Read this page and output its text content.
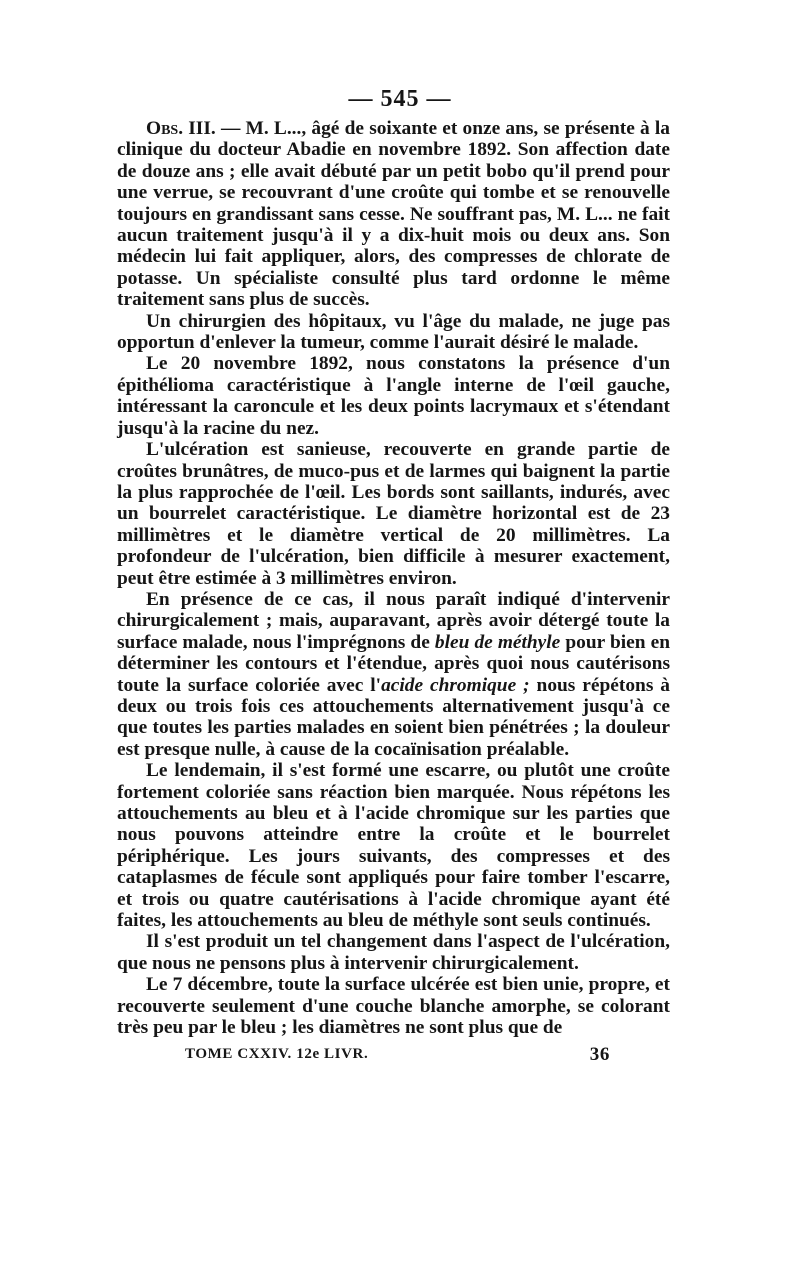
— 545 —

Obs. III. — M. L..., âgé de soixante et onze ans, se présente à la clinique du docteur Abadie en novembre 1892. Son affection date de douze ans ; elle avait débuté par un petit bobo qu'il prend pour une verrue, se recouvrant d'une croûte qui tombe et se renouvelle toujours en grandissant sans cesse. Ne souffrant pas, M. L... ne fait aucun traitement jusqu'à il y a dix-huit mois ou deux ans. Son médecin lui fait appliquer, alors, des compresses de chlorate de potasse. Un spécialiste consulté plus tard ordonne le même traitement sans plus de succès.

Un chirurgien des hôpitaux, vu l'âge du malade, ne juge pas opportun d'enlever la tumeur, comme l'aurait désiré le malade.

Le 20 novembre 1892, nous constatons la présence d'un épithélioma caractéristique à l'angle interne de l'œil gauche, intéressant la caroncule et les deux points lacrymaux et s'étendant jusqu'à la racine du nez.

L'ulcération est sanieuse, recouverte en grande partie de croûtes brunâtres, de muco-pus et de larmes qui baignent la partie la plus rapprochée de l'œil. Les bords sont saillants, indurés, avec un bourrelet caractéristique. Le diamètre horizontal est de 23 millimètres et le diamètre vertical de 20 millimètres. La profondeur de l'ulcération, bien difficile à mesurer exactement, peut être estimée à 3 millimètres environ.

En présence de ce cas, il nous paraît indiqué d'intervenir chirurgicalement ; mais, auparavant, après avoir détergé toute la surface malade, nous l'imprégnons de bleu de méthyle pour bien en déterminer les contours et l'étendue, après quoi nous cautérisons toute la surface coloriée avec l'acide chromique ; nous répétons à deux ou trois fois ces attouchements alternativement jusqu'à ce que toutes les parties malades en soient bien pénétrées ; la douleur est presque nulle, à cause de la cocaïnisation préalable.

Le lendemain, il s'est formé une escarre, ou plutôt une croûte fortement coloriée sans réaction bien marquée. Nous répétons les attouchements au bleu et à l'acide chromique sur les parties que nous pouvons atteindre entre la croûte et le bourrelet périphérique. Les jours suivants, des compresses et des cataplasmes de fécule sont appliqués pour faire tomber l'escarre, et trois ou quatre cautérisations à l'acide chromique ayant été faites, les attouchements au bleu de méthyle sont seuls continués.

Il s'est produit un tel changement dans l'aspect de l'ulcération, que nous ne pensons plus à intervenir chirurgicalement.

Le 7 décembre, toute la surface ulcérée est bien unie, propre, et recouverte seulement d'une couche blanche amorphe, se colorant très peu par le bleu ; les diamètres ne sont plus que de

TOME CXXIV. 12e LIVR.	36
